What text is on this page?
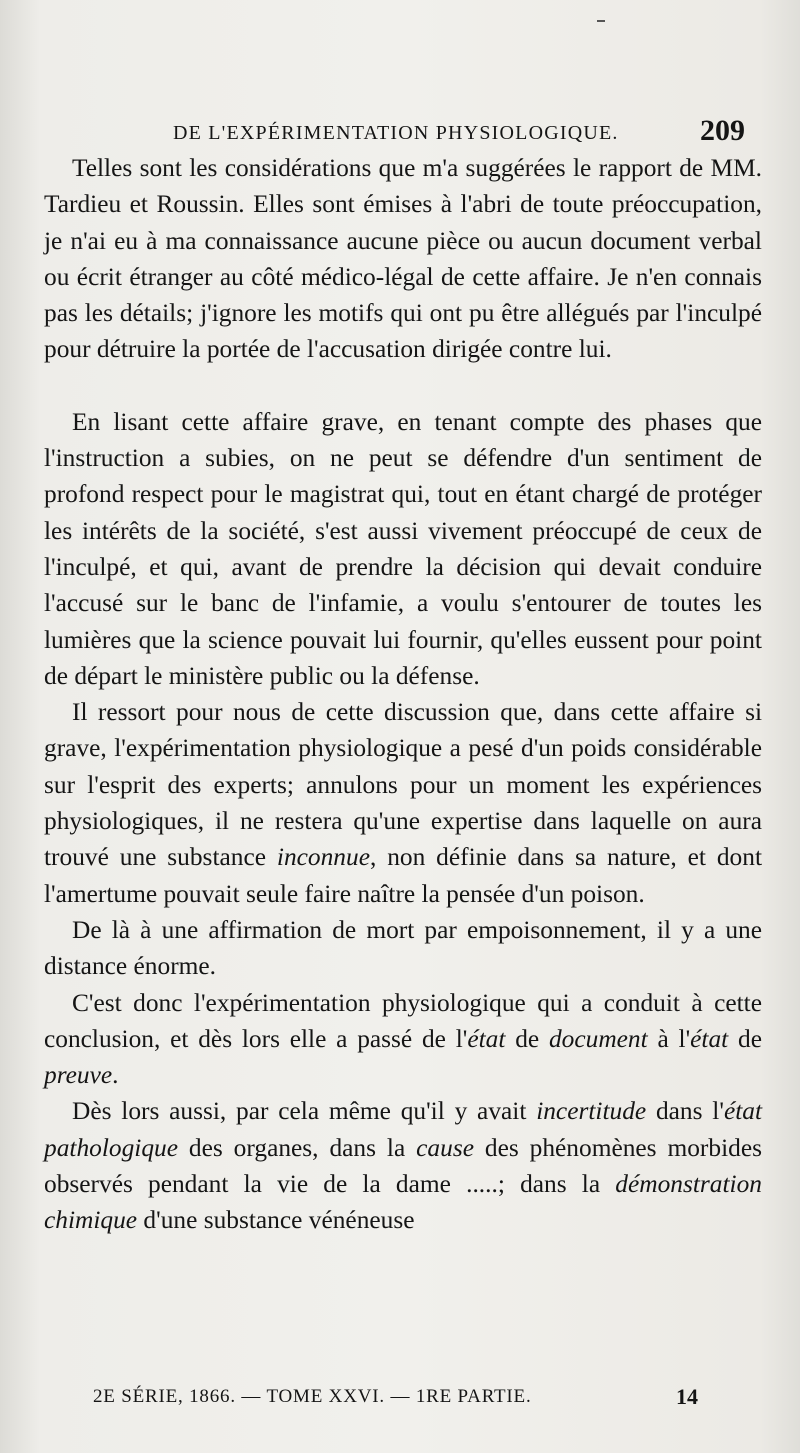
DE L'EXPÉRIMENTATION PHYSIOLOGIQUE.	209

Telles sont les considérations que m'a suggérées le rapport de MM. Tardieu et Roussin. Elles sont émises à l'abri de toute préoccupation, je n'ai eu à ma connaissance aucune pièce ou aucun document verbal ou écrit étranger au côté médico-légal de cette affaire. Je n'en connais pas les détails; j'ignore les motifs qui ont pu être allégués par l'inculpé pour détruire la portée de l'accusation dirigée contre lui.

En lisant cette affaire grave, en tenant compte des phases que l'instruction a subies, on ne peut se défendre d'un sentiment de profond respect pour le magistrat qui, tout en étant chargé de protéger les intérêts de la société, s'est aussi vivement préoccupé de ceux de l'inculpé, et qui, avant de prendre la décision qui devait conduire l'accusé sur le banc de l'infamie, a voulu s'entourer de toutes les lumières que la science pouvait lui fournir, qu'elles eussent pour point de départ le ministère public ou la défense.

Il ressort pour nous de cette discussion que, dans cette affaire si grave, l'expérimentation physiologique a pesé d'un poids considérable sur l'esprit des experts; annulons pour un moment les expériences physiologiques, il ne restera qu'une expertise dans laquelle on aura trouvé une substance inconnue, non définie dans sa nature, et dont l'amertume pouvait seule faire naître la pensée d'un poison.

De là à une affirmation de mort par empoisonnement, il y a une distance énorme.

C'est donc l'expérimentation physiologique qui a conduit à cette conclusion, et dès lors elle a passé de l'état de document à l'état de preuve.

Dès lors aussi, par cela même qu'il y avait incertitude dans l'état pathologique des organes, dans la cause des phénomènes morbides observés pendant la vie de la dame .....; dans la démonstration chimique d'une substance vénéneuse

2E SÉRIE, 1866. — TOME XXVI. — 1RE PARTIE.	14
